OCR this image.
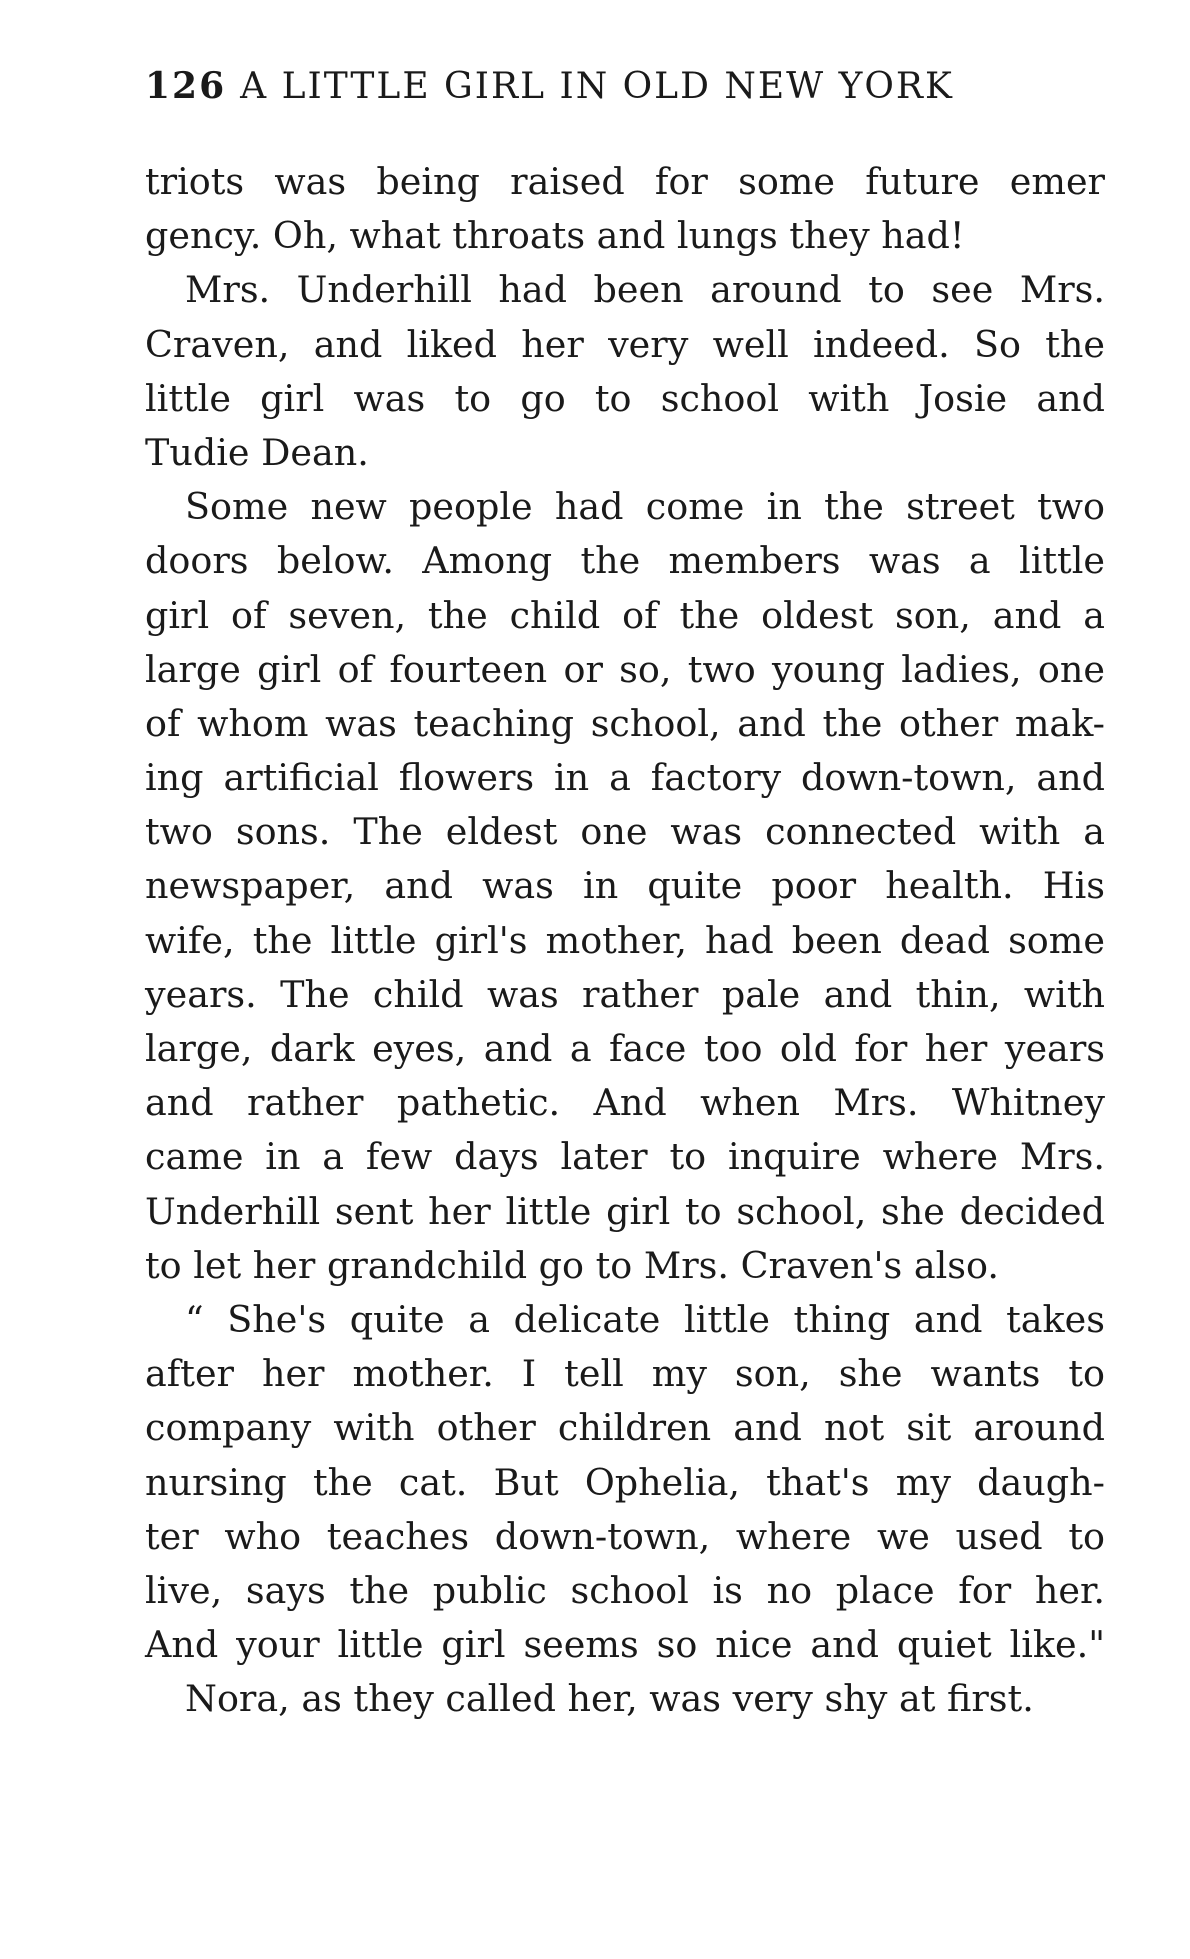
126 A LITTLE GIRL IN OLD NEW YORK
triots was being raised for some future emer
gency. Oh, what throats and lungs they had!
Mrs. Underhill had been around to see Mrs.
Craven, and liked her very well indeed. So the
little girl was to go to school with Josie and
Tudie Dean.
Some new people had come in the street two
doors below. Among the members was a little
girl of seven, the child of the oldest son, and a
large girl of fourteen or so, two young ladies, one
of whom was teaching school, and the other mak-
ing artificial flowers in a factory down-town, and
two sons. The eldest one was connected with a
newspaper, and was in quite poor health. His
wife, the little girl's mother, had been dead some
years. The child was rather pale and thin, with
large, dark eyes, and a face too old for her years
and rather pathetic. And when Mrs. Whitney
came in a few days later to inquire where Mrs.
Underhill sent her little girl to school, she decided
to let her grandchild go to Mrs. Craven's also.
“ She's quite a delicate little thing and takes
after her mother. I tell my son, she wants to
company with other children and not sit around
nursing the cat. But Ophelia, that's my daugh-
ter who teaches down-town, where we used to
live, says the public school is no place for her.
And your little girl seems so nice and quiet like."
Nora, as they called her, was very shy at first.
